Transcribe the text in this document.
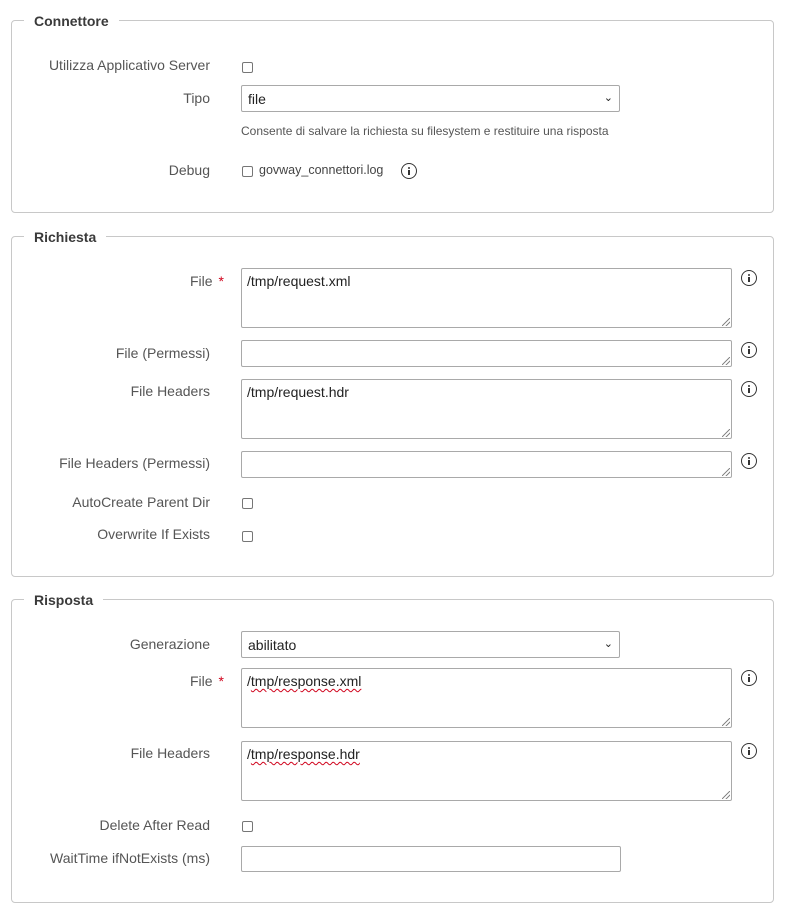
Connettore
Utilizza Applicativo Server
Tipo	file	⌄
Consente di salvare la richiesta su filesystem e restituire una risposta
Debug	govway_connettori.log
Richiesta
File *	/tmp/request.xml
File (Permessi)
File Headers	/tmp/request.hdr
File Headers (Permessi)
AutoCreate Parent Dir
Overwrite If Exists
Risposta
Generazione	abilitato	⌄
File *	/tmp/response.xml
File Headers	/tmp/response.hdr
Delete After Read
WaitTime ifNotExists (ms)
